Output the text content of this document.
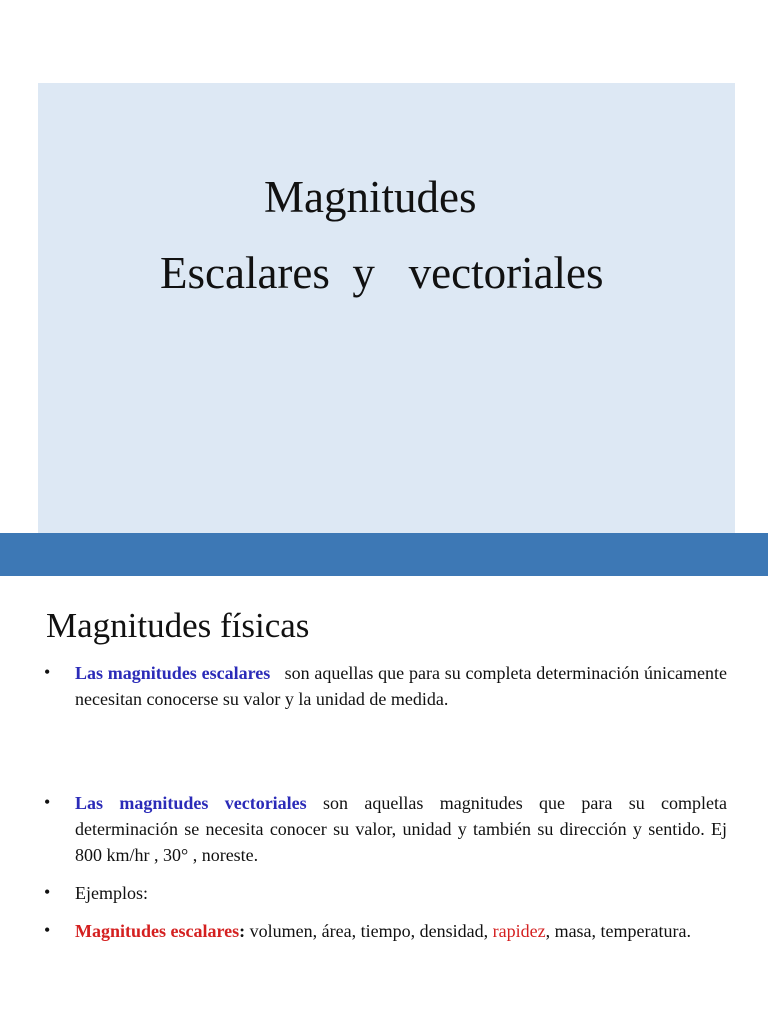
Magnitudes
Escalares  y   vectoriales
Magnitudes físicas
• Las magnitudes escalares son aquellas que para su completa determinación únicamente necesitan conocerse su valor y la unidad de medida.
• Las magnitudes vectoriales son aquellas magnitudes que para su completa determinación se necesita conocer su valor, unidad y también su dirección y sentido. Ej 800 km/hr , 30° , noreste.
• Ejemplos:
• Magnitudes escalares: volumen, área, tiempo, densidad, rapidez, masa, temperatura.
